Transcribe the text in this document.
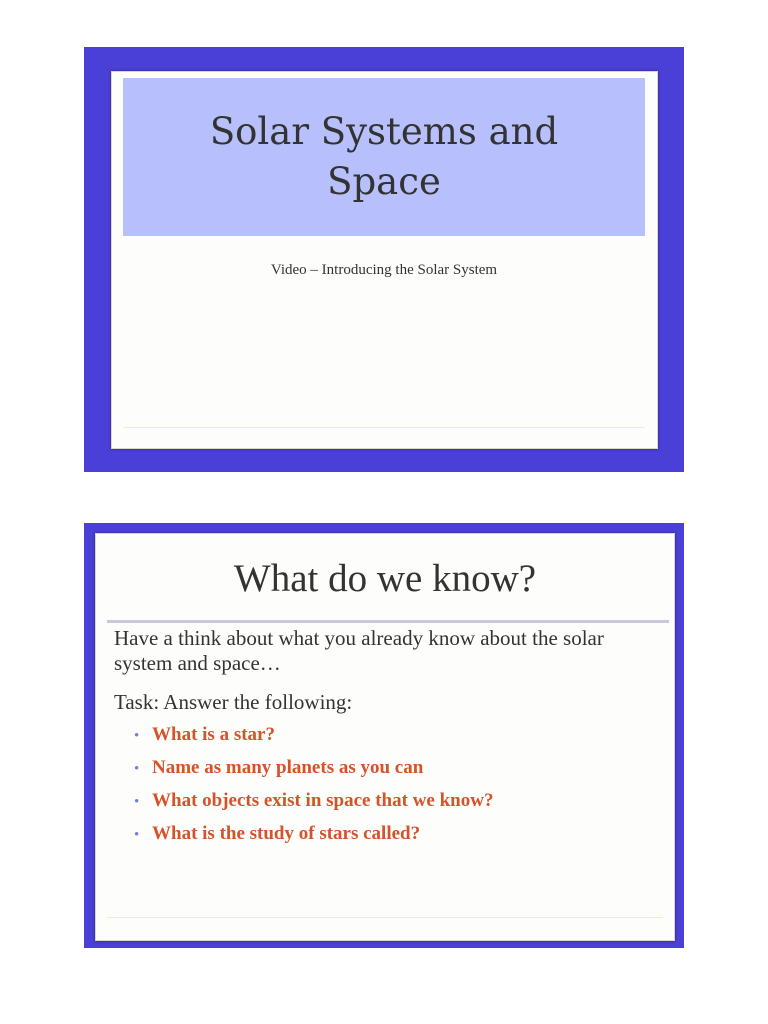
Solar Systems and Space
Video – Introducing the Solar System
What do we know?

Have a think about what you already know about the solar system and space…

Task: Answer the following:

• What is a star?
• Name as many planets as you can
• What objects exist in space that we know?
• What is the study of stars called?
